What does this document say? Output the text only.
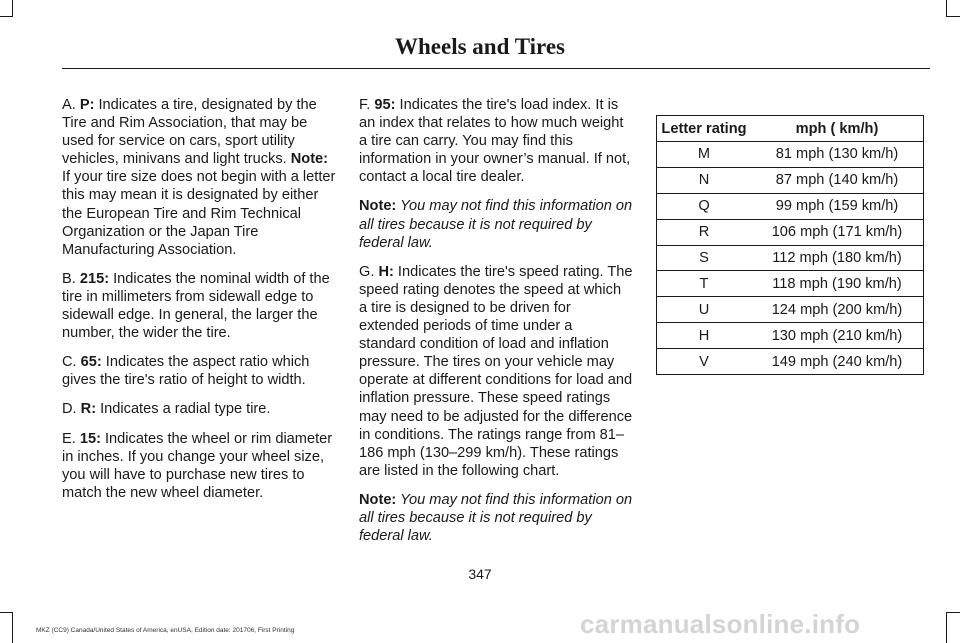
Wheels and Tires

A. P: Indicates a tire, designated by the Tire and Rim Association, that may be used for service on cars, sport utility vehicles, minivans and light trucks. Note: If your tire size does not begin with a letter this may mean it is designated by either the European Tire and Rim Technical Organization or the Japan Tire Manufacturing Association.

B. 215: Indicates the nominal width of the tire in millimeters from sidewall edge to sidewall edge. In general, the larger the number, the wider the tire.

C. 65: Indicates the aspect ratio which gives the tire's ratio of height to width.

D. R: Indicates a radial type tire.

E. 15: Indicates the wheel or rim diameter in inches. If you change your wheel size, you will have to purchase new tires to match the new wheel diameter.

F. 95: Indicates the tire's load index. It is an index that relates to how much weight a tire can carry. You may find this information in your owner’s manual. If not, contact a local tire dealer.

Note: You may not find this information on all tires because it is not required by federal law.

G. H: Indicates the tire's speed rating. The speed rating denotes the speed at which a tire is designed to be driven for extended periods of time under a standard condition of load and inflation pressure. The tires on your vehicle may operate at different conditions for load and inflation pressure. These speed ratings may need to be adjusted for the difference in conditions. The ratings range from 81–186 mph (130–299 km/h). These ratings are listed in the following chart.

Note: You may not find this information on all tires because it is not required by federal law.

Letter rating	mph ( km/h)
M	81 mph (130 km/h)
N	87 mph (140 km/h)
Q	99 mph (159 km/h)
R	106 mph (171 km/h)
S	112 mph (180 km/h)
T	118 mph (190 km/h)
U	124 mph (200 km/h)
H	130 mph (210 km/h)
V	149 mph (240 km/h)
347
MKZ (CC9) Canada/United States of America, enUSA, Edition date: 201706, First Printing	carmanualsonline.info
